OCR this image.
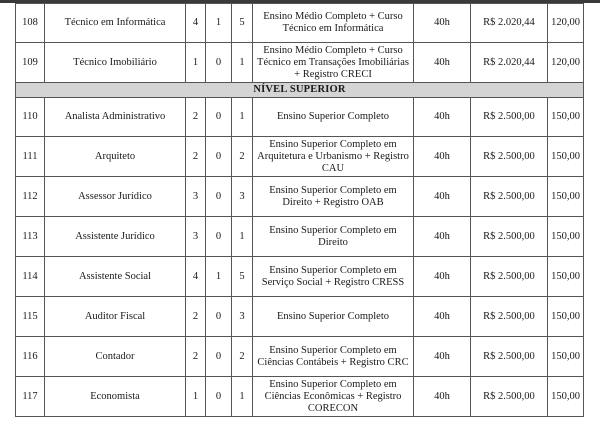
108	Técnico em Informática	4	1	5	Ensino Médio Completo + Curso Técnico em Informática	40h	R$ 2.020,44	120,00
109	Técnico Imobiliário	1	0	1	Ensino Médio Completo + Curso Técnico em Transações Imobiliárias + Registro CRECI	40h	R$ 2.020,44	120,00
NÍVEL SUPERIOR								
110	Analista Administrativo	2	0	1	Ensino Superior Completo	40h	R$ 2.500,00	150,00
111	Arquiteto	2	0	2	Ensino Superior Completo em Arquitetura e Urbanismo + Registro CAU	40h	R$ 2.500,00	150,00
112	Assessor Jurídico	3	0	3	Ensino Superior Completo em Direito + Registro OAB	40h	R$ 2.500,00	150,00
113	Assistente Jurídico	3	0	1	Ensino Superior Completo em Direito	40h	R$ 2.500,00	150,00
114	Assistente Social	4	1	5	Ensino Superior Completo em Serviço Social + Registro CRESS	40h	R$ 2.500,00	150,00
115	Auditor Fiscal	2	0	3	Ensino Superior Completo	40h	R$ 2.500,00	150,00
116	Contador	2	0	2	Ensino Superior Completo em Ciências Contábeis + Registro CRC	40h	R$ 2.500,00	150,00
117	Economista	1	0	1	Ensino Superior Completo em Ciências Econômicas + Registro CORECON	40h	R$ 2.500,00	150,00
